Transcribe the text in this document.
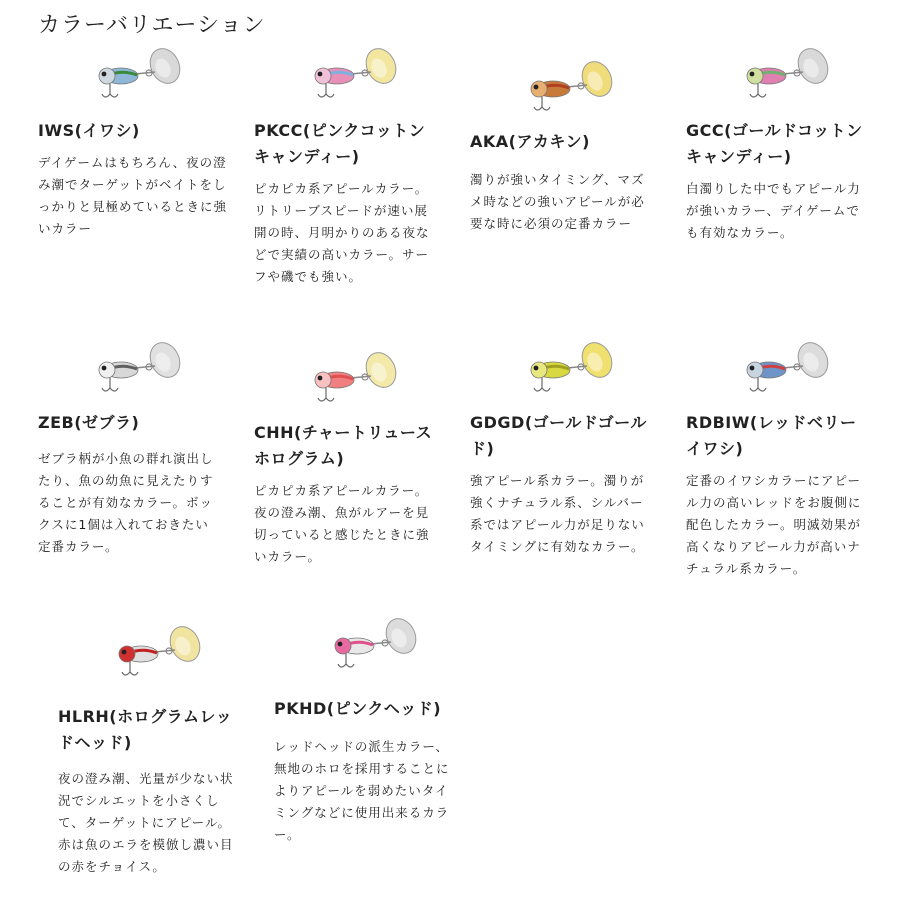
カラーバリエーション
IWS(イワシ)

デイゲームはもちろん、夜の澄み潮でターゲットがベイトをしっかりと見極めているときに強いカラー

PKCC(ピンクコットンキャンディー)

ピカピカ系アピールカラー。リトリーブスピードが速い展開の時、月明かりのある夜などで実績の高いカラー。サーフや磯でも強い。

AKA(アカキン)

濁りが強いタイミング、マズメ時などの強いアピールが必要な時に必須の定番カラー

GCC(ゴールドコットンキャンディー)

白濁りした中でもアピール力が強いカラー、デイゲームでも有効なカラー。

ZEB(ゼブラ)

ゼブラ柄が小魚の群れ演出したり、魚の幼魚に見えたりすることが有効なカラー。ボックスに1個は入れておきたい定番カラー。

CHH(チャートリュースホログラム)

ピカピカ系アピールカラー。夜の澄み潮、魚がルアーを見切っていると感じたときに強いカラー。

GDGD(ゴールドゴールド)

強アピール系カラー。濁りが強くナチュラル系、シルバー系ではアピール力が足りないタイミングに有効なカラー。

RDBIW(レッドベリーイワシ)

定番のイワシカラーにアピール力の高いレッドをお腹側に配色したカラー。明滅効果が高くなりアピール力が高いナチュラル系カラー。

HLRH(ホログラムレッドヘッド)

夜の澄み潮、光量が少ない状況でシルエットを小さくして、ターゲットにアピール。赤は魚のエラを模倣し濃い目の赤をチョイス。

PKHD(ピンクヘッド)

レッドヘッドの派生カラー、無地のホロを採用することによりアピールを弱めたいタイミングなどに使用出来るカラー。
